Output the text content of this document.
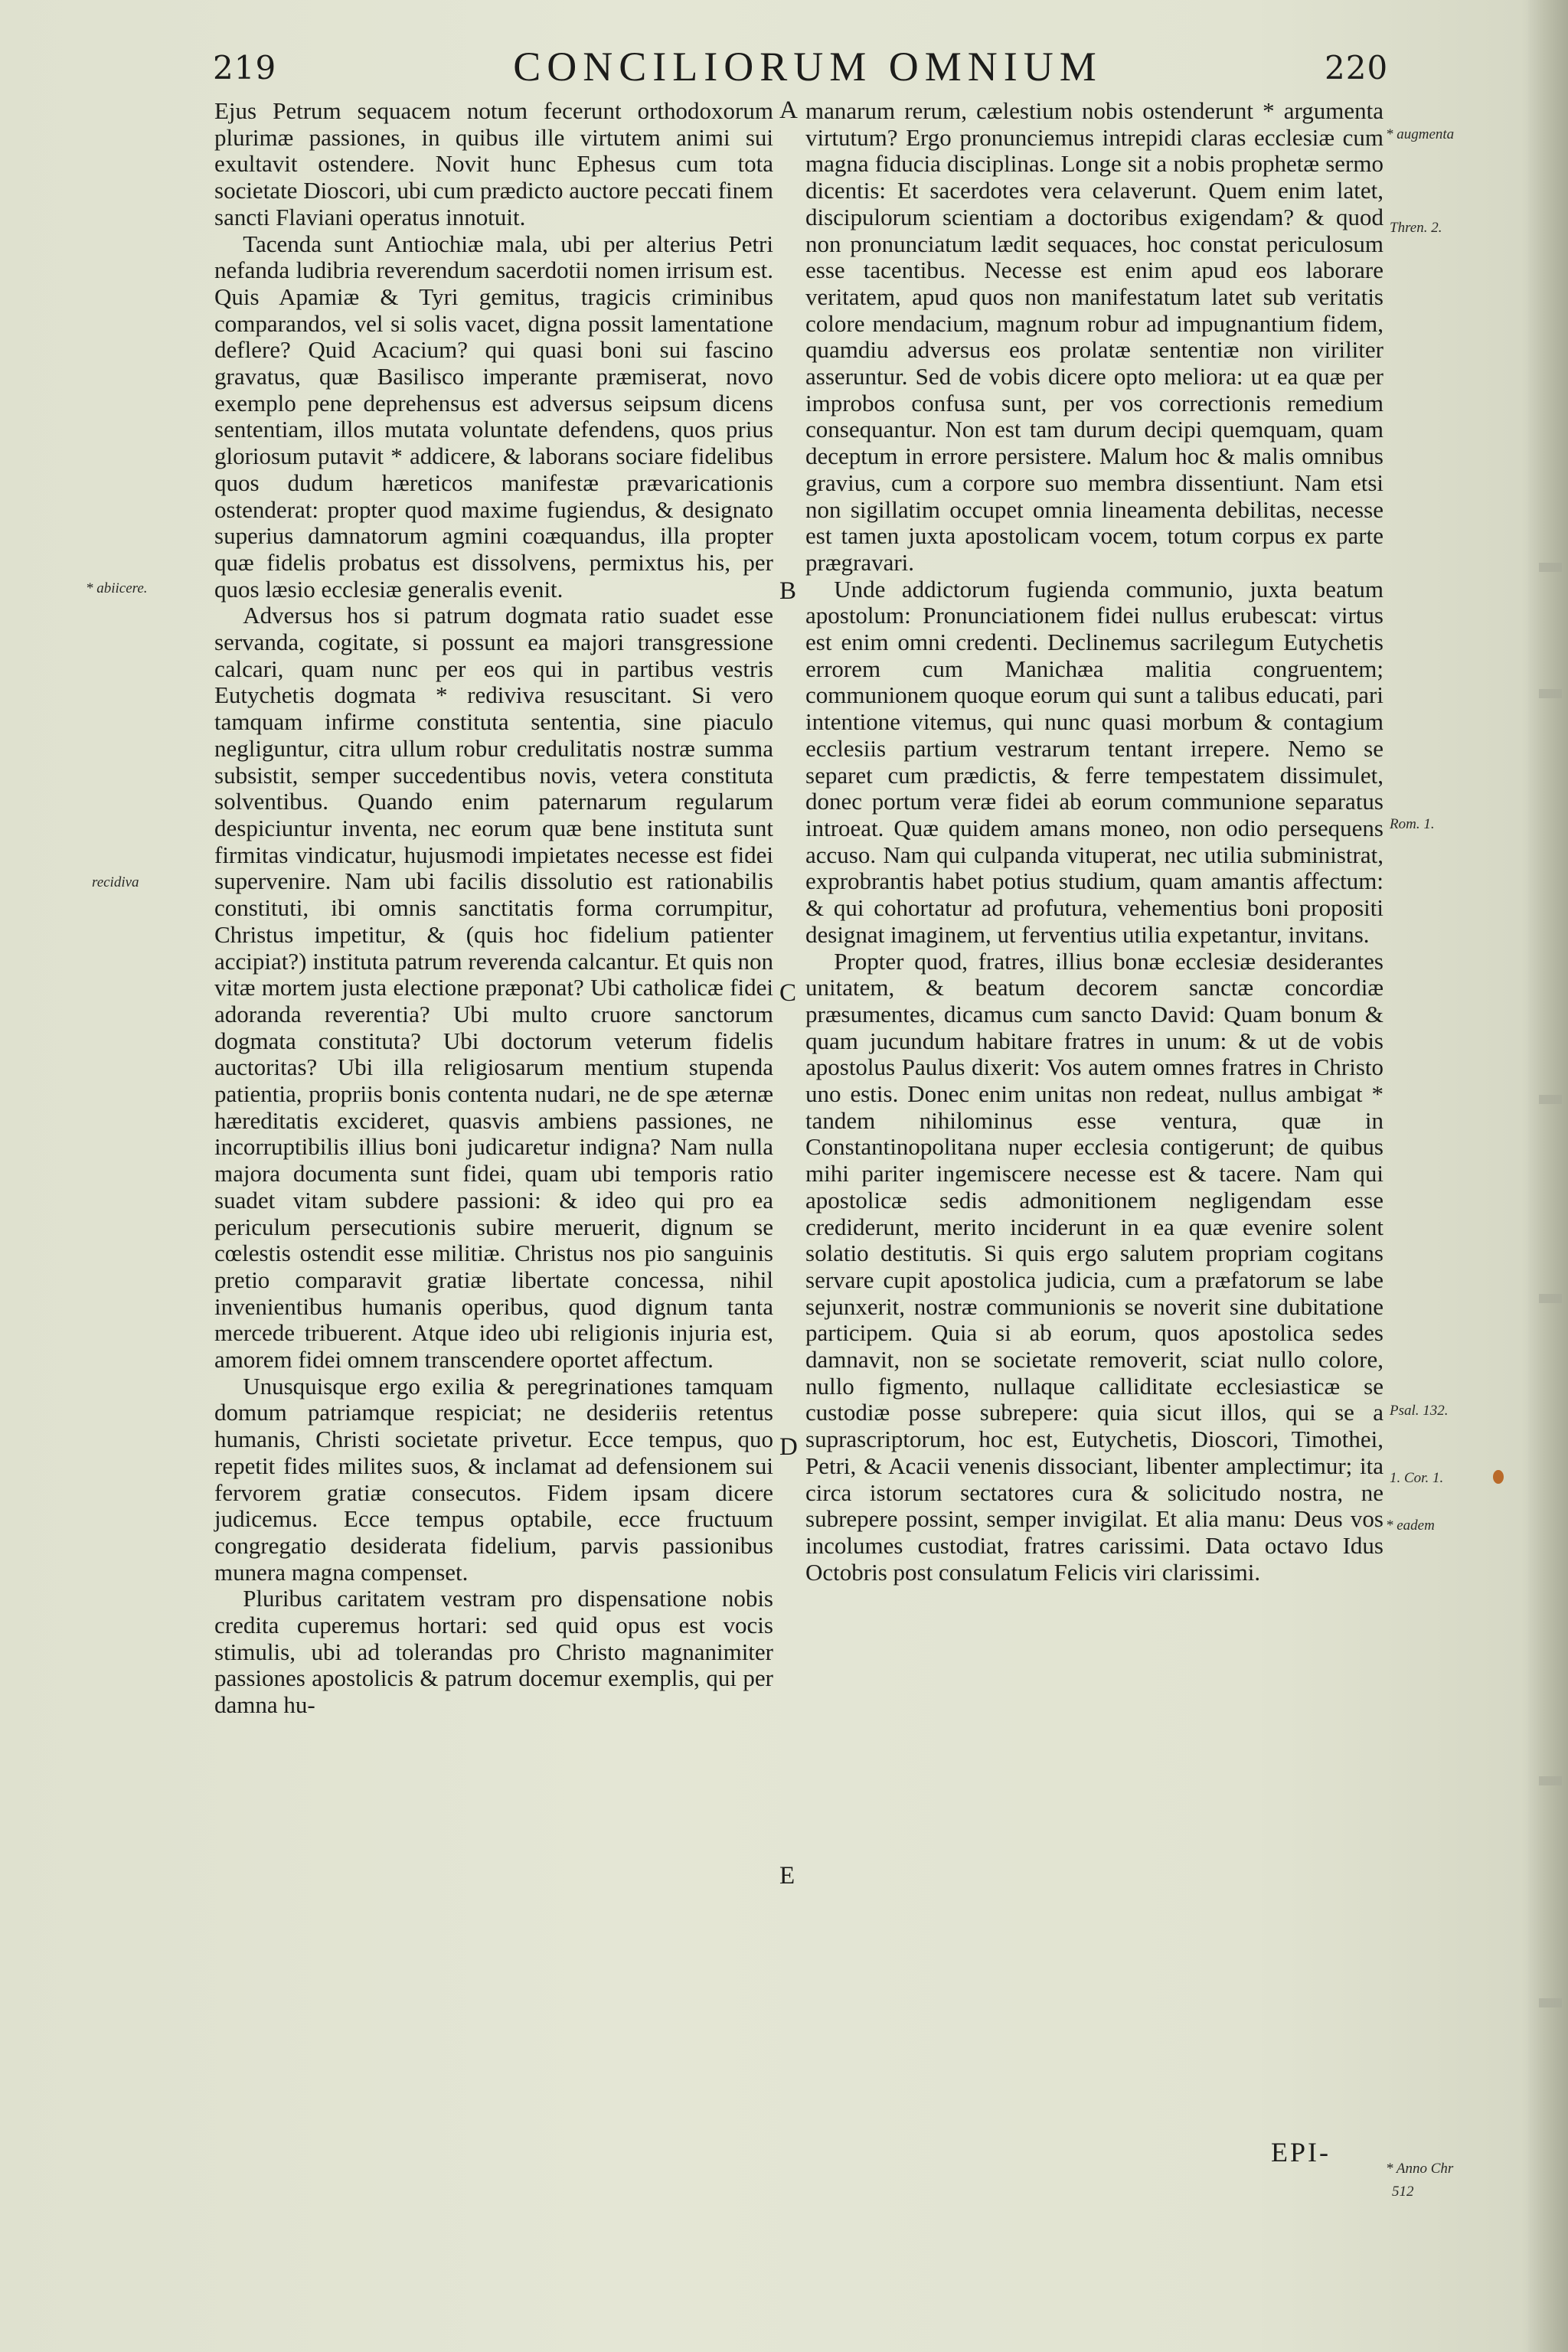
219	CONCILIORUM OMNIUM	220

Ejus Petrum sequacem notum fecerunt orthodoxorum plurimæ passiones, in quibus ille virtutem animi sui exultavit ostendere. Novit hunc Ephesus cum tota societate Dioscori, ubi cum prædicto auctore peccati finem sancti Flaviani operatus innotuit.

Tacenda sunt Antiochiæ mala, ubi per alterius Petri nefanda ludibria reverendum sacerdotii nomen irrisum est. Quis Apamiæ & Tyri gemitus, tragicis criminibus comparandos, vel si solis vacet, digna possit lamentatione deflere? Quid Acacium? qui quasi boni sui fascino gravatus, quæ Basilisco imperante præmiserat, novo exemplo pene deprehensus est adversus seipsum dicens sententiam, illos mutata voluntate defendens, quos prius gloriosum putavit * addicere, & laborans sociare fidelibus quos dudum hæreticos manifestæ prævaricationis ostenderat: propter quod maxime fugiendus, & designato superius damnatorum agmini coæquandus, illa propter quæ fidelis probatus est dissolvens, permixtus his, per quos læsio ecclesiæ generalis evenit.

Adversus hos si patrum dogmata ratio suadet esse servanda, cogitate, si possunt ea majori transgressione calcari, quam nunc per eos qui in partibus vestris Eutychetis dogmata * rediviva resuscitant. Si vero tamquam infirme constituta sententia, sine piaculo negliguntur, citra ullum robur credulitatis nostræ summa subsistit, semper succedentibus novis, vetera constituta solventibus. Quando enim paternarum regularum despiciuntur inventa, nec eorum quæ bene instituta sunt firmitas vindicatur, hujusmodi impietates necesse est fidei supervenire. Nam ubi facilis dissolutio est rationabilis constituti, ibi omnis sanctitatis forma corrumpitur, Christus impetitur, & (quis hoc fidelium patienter accipiat?) instituta patrum reverenda calcantur. Et quis non vitæ mortem justa electione præponat? Ubi catholicæ fidei adoranda reverentia? Ubi multo cruore sanctorum dogmata constituta? Ubi doctorum veterum fidelis auctoritas? Ubi illa religiosarum mentium stupenda patientia, propriis bonis contenta nudari, ne de spe æternæ hæreditatis excideret, quasvis ambiens passiones, ne incorruptibilis illius boni judicaretur indigna? Nam nulla majora documenta sunt fidei, quam ubi temporis ratio suadet vitam subdere passioni: & ideo qui pro ea periculum persecutionis subire meruerit, dignum se cœlestis ostendit esse militiæ. Christus nos pio sanguinis pretio comparavit gratiæ libertate concessa, nihil invenientibus humanis operibus, quod dignum tanta mercede tribuerent. Atque ideo ubi religionis injuria est, amorem fidei omnem transcendere oportet affectum.

Unusquisque ergo exilia & peregrinationes tamquam domum patriamque respiciat; ne desideriis retentus humanis, Christi societate privetur. Ecce tempus, quo repetit fides milites suos, & inclamat ad defensionem sui fervorem gratiæ consecutos. Fidem ipsam dicere judicemus. Ecce tempus optabile, ecce fructuum congregatio desiderata fidelium, parvis passionibus munera magna compenset.

Pluribus caritatem vestram pro dispensatione nobis credita cuperemus hortari: sed quid opus est vocis stimulis, ubi ad tolerandas pro Christo magnanimiter passiones apostolicis & patrum docemur exemplis, qui per damna hu-

manarum rerum, cælestium nobis ostenderunt * argumenta virtutum? Ergo pronunciemus intrepidi claras ecclesiæ cum magna fiducia disciplinas. Longe sit a nobis prophetæ sermo dicentis: Et sacerdotes vera celaverunt. Quem enim latet, discipulorum scientiam a doctoribus exigendam? & quod non pronunciatum lædit sequaces, hoc constat periculosum esse tacentibus. Necesse est enim apud eos laborare veritatem, apud quos non manifestatum latet sub veritatis colore mendacium, magnum robur ad impugnantium fidem, quamdiu adversus eos prolatæ sententiæ non viriliter asseruntur. Sed de vobis dicere opto meliora: ut ea quæ per improbos confusa sunt, per vos correctionis remedium consequantur. Non est tam durum decipi quemquam, quam deceptum in errore persistere. Malum hoc & malis omnibus gravius, cum a corpore suo membra dissentiunt. Nam etsi non sigillatim occupet omnia lineamenta debilitas, necesse est tamen juxta apostolicam vocem, totum corpus ex parte prægravari.

Unde addictorum fugienda communio, juxta beatum apostolum: Pronunciationem fidei nullus erubescat: virtus est enim omni credenti. Declinemus sacrilegum Eutychetis errorem cum Manichæa malitia congruentem; communionem quoque eorum qui sunt a talibus educati, pari intentione vitemus, qui nunc quasi morbum & contagium ecclesiis partium vestrarum tentant irrepere. Nemo se separet cum prædictis, & ferre tempestatem dissimulet, donec portum veræ fidei ab eorum communione separatus introeat. Quæ quidem amans moneo, non odio persequens accuso. Nam qui culpanda vituperat, nec utilia subministrat, exprobrantis habet potius studium, quam amantis affectum: & qui cohortatur ad profutura, vehementius boni propositi designat imaginem, ut ferventius utilia expetantur, invitans.

Propter quod, fratres, illius bonæ ecclesiæ desiderantes unitatem, & beatum decorem sanctæ concordiæ præsumentes, dicamus cum sancto David: Quam bonum & quam jucundum habitare fratres in unum: & ut de vobis apostolus Paulus dixerit: Vos autem omnes fratres in Christo uno estis. Donec enim unitas non redeat, nullus ambigat * tandem nihilominus esse ventura, quæ in Constantinopolitana nuper ecclesia contigerunt; de quibus mihi pariter ingemiscere necesse est & tacere. Nam qui apostolicæ sedis admonitionem negligendam esse crediderunt, merito inciderunt in ea quæ evenire solent solatio destitutis. Si quis ergo salutem propriam cogitans servare cupit apostolica judicia, cum a præfatorum se labe sejunxerit, nostræ communionis se noverit sine dubitatione participem. Quia si ab eorum, quos apostolica sedes damnavit, non se societate removerit, sciat nullo colore, nullo figmento, nullaque calliditate ecclesiasticæ se custodiæ posse subrepere: quia sicut illos, qui se a suprascriptorum, hoc est, Eutychetis, Dioscori, Timothei, Petri, & Acacii venenis dissociant, libenter amplectimur; ita circa istorum sectatores cura & solicitudo nostra, ne subrepere possint, semper invigilat. Et alia manu: Deus vos incolumes custodiat, fratres carissimi. Data octavo Idus Octobris post consulatum Felicis viri clarissimi.

A
B
C
D
E
* abiicere.
recidiva
* augmenta
Thren. 2.
Rom. 1.
Psal. 132.
1. Cor. 1.
* eadem
* Anno Chr
512
EPI-
